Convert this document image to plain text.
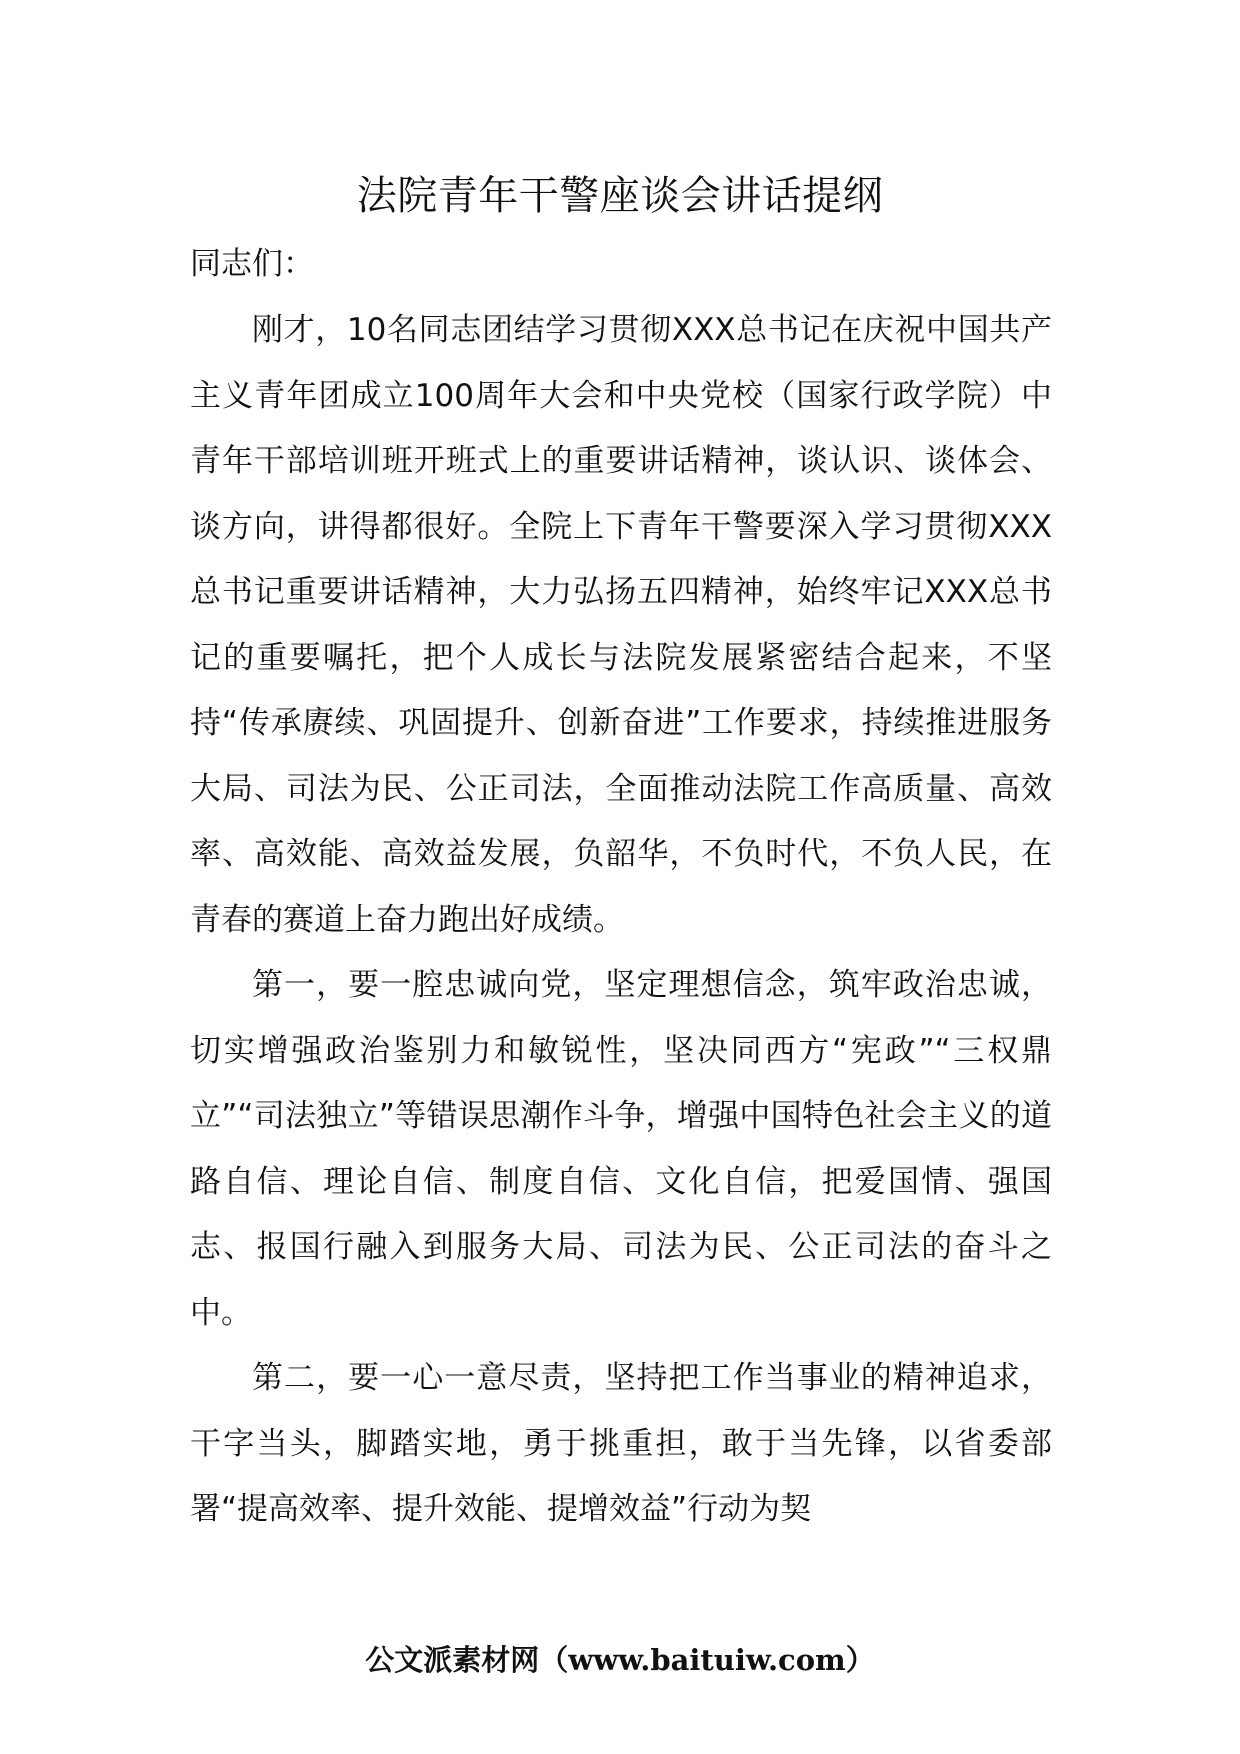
法院青年干警座谈会讲话提纲

同志们：

刚才，10名同志团结学习贯彻XXX总书记在庆祝中国共产主义青年团成立100周年大会和中央党校（国家行政学院）中青年干部培训班开班式上的重要讲话精神，谈认识、谈体会、谈方向，讲得都很好。全院上下青年干警要深入学习贯彻XXX总书记重要讲话精神，大力弘扬五四精神，始终牢记XXX总书记的重要嘱托，把个人成长与法院发展紧密结合起来，不坚持“传承赓续、巩固提升、创新奋进”工作要求，持续推进服务大局、司法为民、公正司法，全面推动法院工作高质量、高效率、高效能、高效益发展，负韶华，不负时代，不负人民，在青春的赛道上奋力跑出好成绩。

第一，要一腔忠诚向党，坚定理想信念，筑牢政治忠诚，切实增强政治鉴别力和敏锐性，坚决同西方“宪政”“三权鼎立”“司法独立”等错误思潮作斗争，增强中国特色社会主义的道路自信、理论自信、制度自信、文化自信，把爱国情、强国志、报国行融入到服务大局、司法为民、公正司法的奋斗之中。

第二，要一心一意尽责，坚持把工作当事业的精神追求，干字当头，脚踏实地，勇于挑重担，敢于当先锋，以省委部署“提高效率、提升效能、提增效益”行动为契

公文派素材网（www.baituiw.com）
